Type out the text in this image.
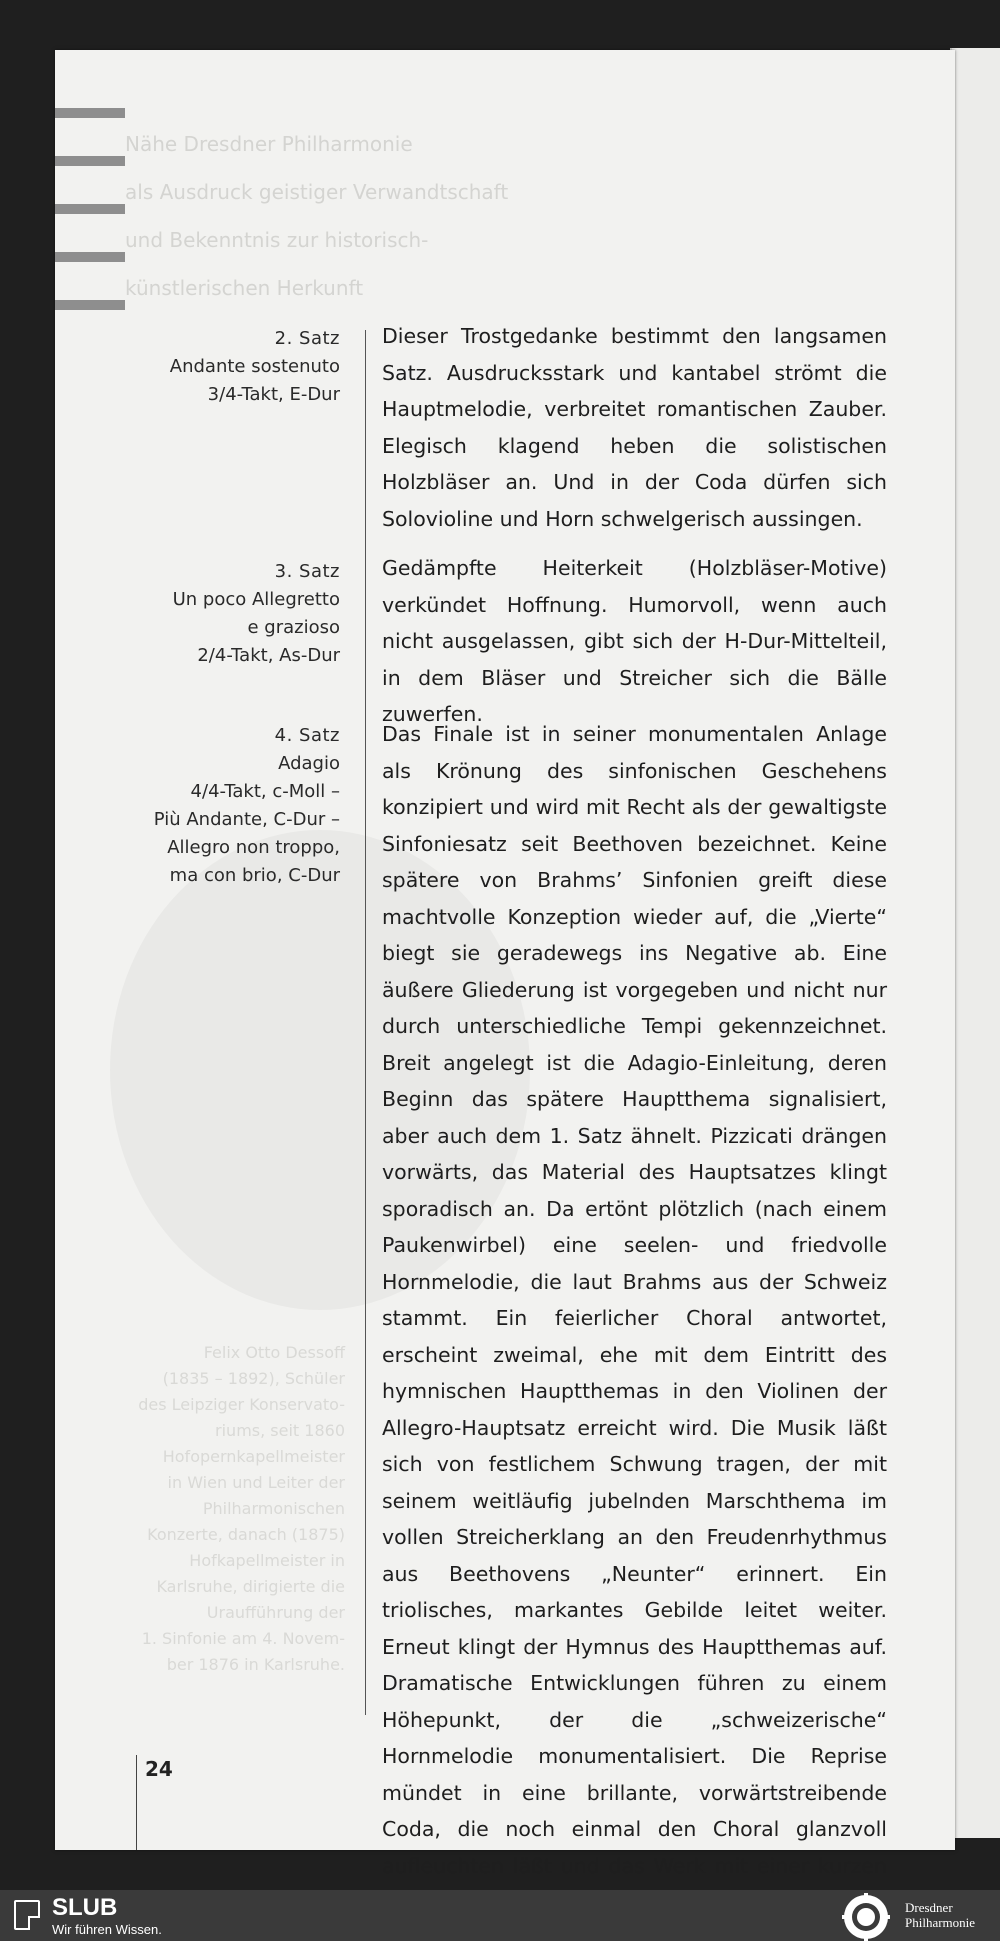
Nähe Dresdner Philharmonie
als Ausdruck geistiger Verwandtschaft
und Bekenntnis zur historisch-
künstlerischen Herkunft
Felix Otto Dessoff
(1835 – 1892), Schüler
des Leipziger Konservato-
riums, seit 1860
Hofopernkapellmeister
in Wien und Leiter der
Philharmonischen
Konzerte, danach (1875)
Hofkapellmeister in
Karlsruhe, dirigierte die
Uraufführung der
1. Sinfonie am 4. Novem-
ber 1876 in Karlsruhe.
2. Satz
Andante sostenuto
3/4-Takt, E-Dur
3. Satz
Un poco Allegretto
e grazioso
2/4-Takt, As-Dur
4. Satz
Adagio
4/4-Takt, c-Moll –
Più Andante, C-Dur –
Allegro non troppo,
ma con brio, C-Dur

Dieser Trostgedanke bestimmt den langsamen Satz. Ausdrucksstark und kantabel strömt die Hauptmelodie, verbreitet romantischen Zauber. Elegisch klagend heben die solistischen Holzbläser an. Und in der Coda dürfen sich Solovioline und Horn schwelgerisch aussingen.

Gedämpfte Heiterkeit (Holzbläser-Motive) verkündet Hoffnung. Humorvoll, wenn auch nicht ausgelassen, gibt sich der H-Dur-Mittelteil, in dem Bläser und Streicher sich die Bälle zuwerfen.

Das Finale ist in seiner monumentalen Anlage als Krönung des sinfonischen Geschehens konzipiert und wird mit Recht als der gewaltigste Sinfoniesatz seit Beethoven bezeichnet. Keine spätere von Brahms’ Sinfonien greift diese machtvolle Konzeption wieder auf, die „Vierte“ biegt sie geradewegs ins Negative ab. Eine äußere Gliederung ist vorgegeben und nicht nur durch unterschiedliche Tempi gekennzeichnet. Breit angelegt ist die Adagio-Einleitung, deren Beginn das spätere Hauptthema signalisiert, aber auch dem 1. Satz ähnelt. Pizzicati drängen vorwärts, das Material des Hauptsatzes klingt sporadisch an. Da ertönt plötzlich (nach einem Paukenwirbel) eine seelen- und friedvolle Hornmelodie, die laut Brahms aus der Schweiz stammt. Ein feierlicher Choral antwortet, erscheint zweimal, ehe mit dem Eintritt des hymnischen Hauptthemas in den Violinen der Allegro-Hauptsatz erreicht wird. Die Musik läßt sich von festlichem Schwung tragen, der mit seinem weitläufig jubelnden Marschthema im vollen Streicherklang an den Freudenrhythmus aus Beethovens „Neunter“ erinnert. Ein triolisches, markantes Gebilde leitet weiter. Erneut klingt der Hymnus des Hauptthemas auf. Dramatische Entwicklungen führen zu einem Höhepunkt, der die „schweizerische“ Hornmelodie monumentalisiert. Die Reprise mündet in eine brillante, vorwärtstreibende Coda, die noch einmal den Choral glanzvoll aufleuchten läßt und das Werk mit einer kurzen

24
SLUB
Wir führen Wissen.
Dresdner
Philharmonie
